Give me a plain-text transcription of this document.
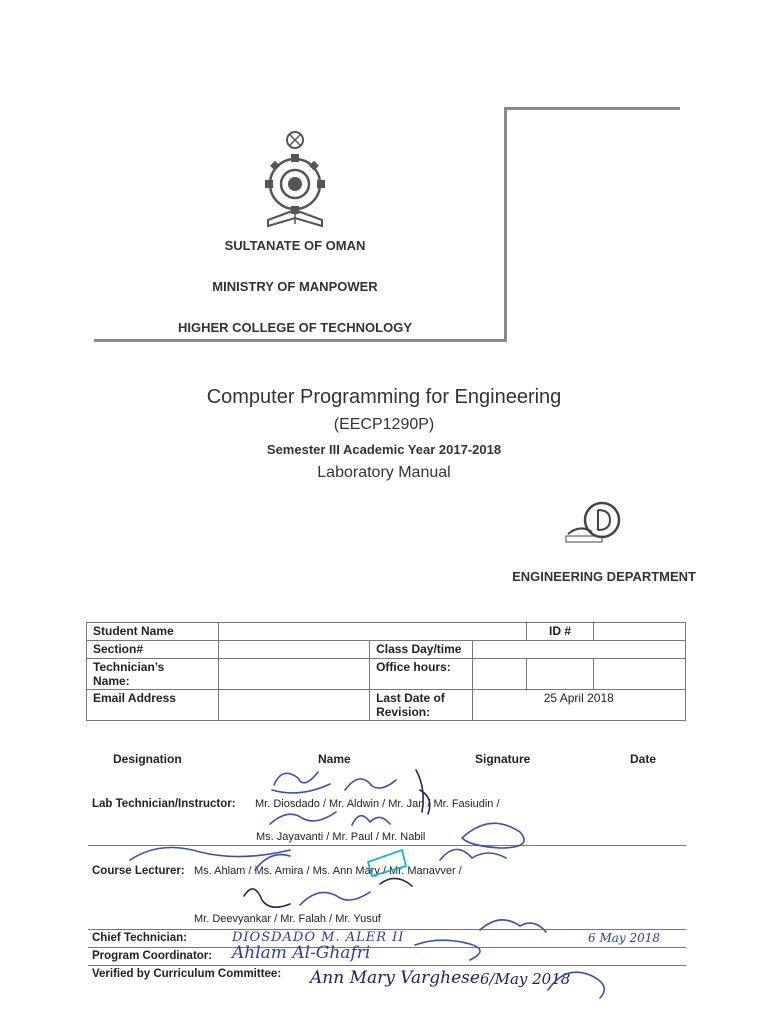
SULTANATE OF OMAN
MINISTRY OF MANPOWER
HIGHER COLLEGE OF TECHNOLOGY
Computer Programming for Engineering
(EECP1290P)
Semester III Academic Year 2017-2018
Laboratory Manual
ENGINEERING DEPARTMENT
Student Name				ID #	
Section#		Class Day/time			

Technician’s
Name:		Office hours:			
Email Address		Last Date of
Revision:	25 April 2018		
Designation	Name	Signature	Date
Lab Technician/Instructor: Mr. Diosdado / Mr. Aldwin / Mr. Jan / Mr. Fasiudin /
Ms. Jayavanti / Mr. Paul / Mr. Nabil
Course Lecturer: Ms. Ahlam / Ms. Amira / Ms. Ann Mary / Mr. Manavver /
Mr. Deevyankar / Mr. Falah / Mr. Yusuf
Chief Technician:	DIOSDADO M. ALER II	6 May 2018
Program Coordinator: Ahlam Al-Ghafri
Verified by Curriculum Committee: Ann Mary Varghese 6/May 2018
